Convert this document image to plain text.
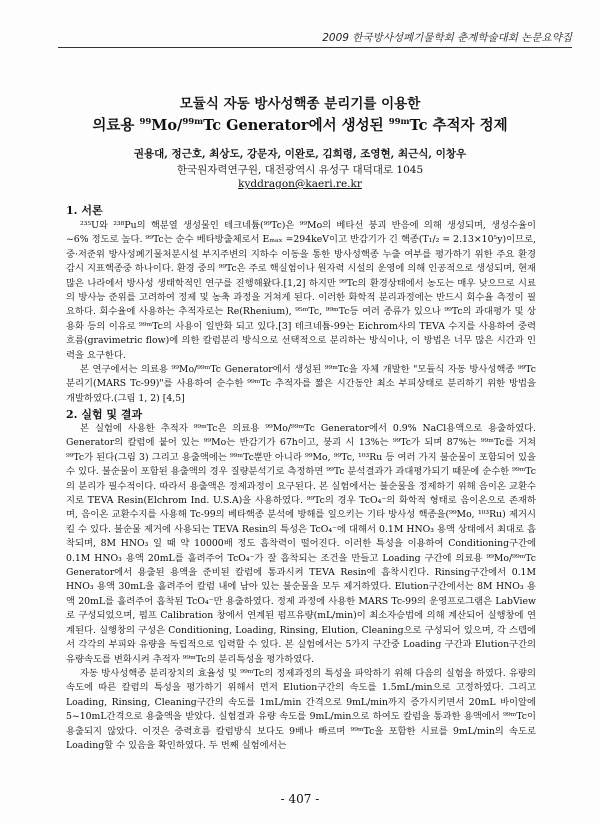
2009 한국방사성폐기물학회 춘계학술대회 논문요약집
모듈식 자동 방사성핵종 분리기를 이용한
의료용 $^{99}$Mo/$^{99m}$Tc Generator에서 생성된 $^{99m}$Tc 추적자 정제
권용대, 정근호, 최상도, 강문자, 이완로, 김희령, 조영현, 최근식, 이창우
한국원자력연구원, 대전광역시 유성구 대덕대로 1045
kyddragon@kaeri.re.kr
1. 서론

²³⁵U와 ²³⁸Pu의 핵분열 생성물인 테크네튬(⁹⁹Tc)은 ⁹⁹Mo의 베타선 붕괴 반응에 의해 생성되며, 생성수율이 ~6% 정도로 높다. ⁹⁹Tc는 순수 베타방출체로서 Eₘₐₓ =294keV이고 반감기가 긴 핵종(T₁/₂ = 2.13×10⁵y)이므로, 중·저준위 방사성폐기물처분시설 부지주변의 지하수 이동을 통한 방사성핵종 누출 여부를 평가하기 위한 주요 환경 감시 지표핵종중 하나이다. 환경 중의 ⁹⁹Tc은 주로 핵실험이나 원자력 시설의 운영에 의해 인공적으로 생성되며, 현재 많은 나라에서 방사성 생태학적인 연구를 진행해왔다.[1,2] 하지만 ⁹⁹Tc의 환경상태에서 농도는 매우 낮으므로 시료의 방사능 준위를 고려하여 정제 및 농축 과정을 거쳐게 된다. 이러한 화학적 분리과정에는 반드시 회수율 측정이 필요하다. 회수율에 사용하는 추적자로는 Re(Rhenium), ⁹⁵ᵐTc, ⁹⁹ᵐTc등 여러 종류가 있으나 ⁹⁹Tc의 과대평가 및 상용화 등의 이유로 ⁹⁹ᵐTc의 사용이 일반화 되고 있다.[3] 테크네튬-99는 Eichrom사의 TEVA 수지를 사용하여 중력흐름(gravimetric flow)에 의한 칼럼분리 방식으로 선택적으로 분리하는 방식이나, 이 방법은 너무 많은 시간과 인력을 요구한다.

본 연구에서는 의료용 ⁹⁹Mo/⁹⁹ᵐTc Generator에서 생성된 ⁹⁹ᵐTc을 자체 개발한 "모듈식 자동 방사성핵종 ⁹⁹Tc 분리기(MARS Tc-99)"를 사용하여 순수한 ⁹⁹ᵐTc 추적자를 짧은 시간동안 최소 부피상태로 분리하기 위한 방법을 개발하였다.(그림 1, 2) [4,5]

2. 실험 및 결과

본 실험에 사용한 추적자 ⁹⁹ᵐTc은 의료용 ⁹⁹Mo/⁹⁹ᵐTc Generator에서 0.9% NaCl용액으로 용출하였다. Generator의 칼럼에 붙어 있는 ⁹⁹Mo는 반감기가 67h이고, 붕괴 시 13%는 ⁹⁹Tc가 되며 87%는 ⁹⁹ᵐTc를 거쳐 ⁹⁹Tc가 된다(그림 3) 그리고 용출액에는 ⁹⁹ᵐTc뿐만 아니라 ⁹⁹Mo, ⁹⁹Tc, ¹⁰³Ru 등 여러 가지 불순물이 포함되어 있을 수 있다. 불순물이 포함된 용출액의 경우 질량분석기로 측정하면 ⁹⁹Tc 분석결과가 과대평가되기 때문에 순수한 ⁹⁹ᵐTc의 분리가 필수적이다. 따라서 용출액은 정제과정이 요구된다. 본 실험에서는 불순물을 정제하기 위해 음이온 교환수지로 TEVA Resin(Elchrom Ind. U.S.A)을 사용하였다. ⁹⁹Tc의 경우 TcO₄⁻의 화학적 형태로 음이온으로 존재하며, 음이온 교환수지를 사용해 Tc-99의 베타핵종 분석에 방해를 일으키는 기타 방사성 핵종을(⁹⁹Mo, ¹⁰³Ru) 제거시킬 수 있다. 불순물 제거에 사용되는 TEVA Resin의 특성은 TcO₄⁻에 대해서 0.1M HNO₃ 용액 상태에서 최대로 흡착되며, 8M HNO₃ 일 때 약 10000배 정도 흡착력이 떨어진다. 이러한 특성을 이용하여 Conditioning구간에 0.1M HNO₃ 용액 20mL를 흘려주어 TcO₄⁻가 잘 흡착되는 조건을 만들고 Loading 구간에 의료용 ⁹⁹Mo/⁹⁹ᵐTc Generator에서 용출된 용액을 준비된 칼럼에 통과시켜 TEVA Resin에 흡착시킨다. Rinsing구간에서 0.1M HNO₃ 용액 30mL을 흘려주어 칼럼 내에 남아 있는 불순물을 모두 제거하였다. Elution구간에서는 8M HNO₃ 용액 20mL를 흘려주어 흡착된 TcO₄⁻만 용출하였다. 정제 과정에 사용한 MARS Tc-99의 운영프로그램은 LabView로 구성되었으며, 펌프 Calibration 창에서 연계된 펌프유량(mL/min)이 최소자승법에 의해 계산되어 실행창에 연계된다. 실행창의 구성은 Conditioning, Loading, Rinsing, Elution, Cleaning으로 구성되어 있으며, 각 스텝에서 각각의 부피와 유량을 독립적으로 입력할 수 있다. 본 실험에서는 5가지 구간중 Loading 구간과 Elution구간의 유량속도를 변화시켜 추적자 ⁹⁹ᵐTc의 분리특성을 평가하였다.

자동 방사성핵종 분리장치의 효율성 및 ⁹⁹ᵐTc의 정제과정의 특성을 파악하기 위해 다음의 실험을 하였다. 유량의 속도에 따른 칼럼의 특성을 평가하기 위해서 먼저 Elution구간의 속도를 1.5mL/min으로 고정하였다. 그리고 Loading, Rinsing, Cleaning구간의 속도를 1mL/min 간격으로 9mL/min까지 증가시키면서 20mL 바이알에 5~10mL간격으로 용출액을 받았다. 실험결과 유량 속도를 9mL/min으로 하여도 칼럼을 통과한 용액에서 ⁹⁹ᵐTc이 용출되지 않았다. 이것은 중력흐름 칼럼방식 보다도 9배나 빠르며 ⁹⁹ᵐTc을 포함한 시료를 9mL/min의 속도로 Loading할 수 있음을 확인하였다. 두 번째 실험에서는

- 407 -
